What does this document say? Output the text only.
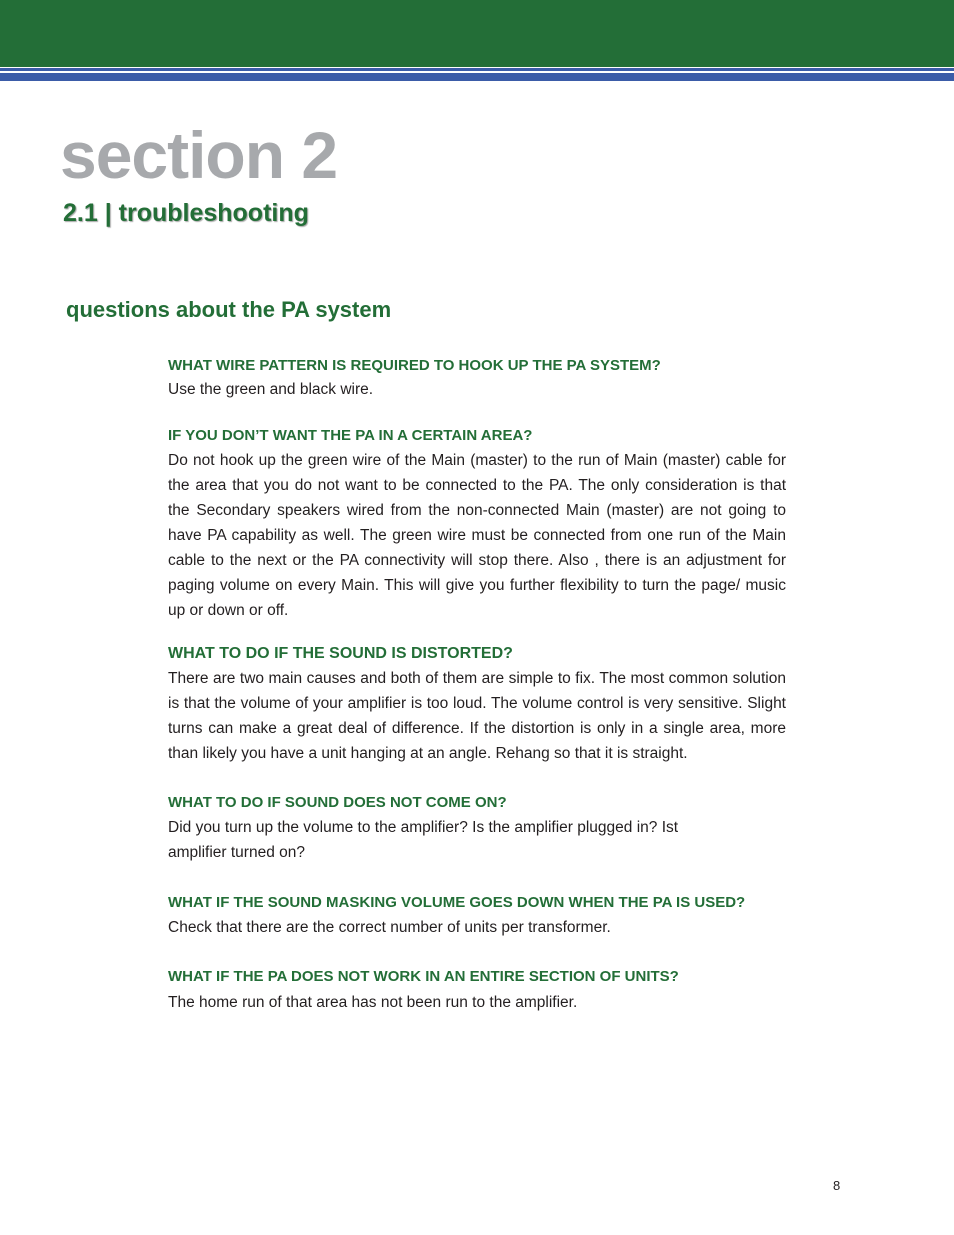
section 2
2.1 | troubleshooting
questions about the PA system

WHAT WIRE PATTERN IS REQUIRED TO HOOK UP THE PA SYSTEM?

Use the green and black wire.

IF YOU DON’T WANT THE PA IN A CERTAIN AREA?

Do not hook up the green wire of the Main (master) to the run of Main (master) cable for the area that you do not want to be connected to the PA. The only consideration is that the Secondary speakers wired from the non-connected Main (master) are not going to have PA capability as well. The green wire must be connected from one run of the Main cable to the next or the PA connectivity will stop there. Also , there is an adjustment for paging volume on every Main. This will give you further flexibility to turn the page/ music up or down or off.

WHAT TO DO IF THE SOUND IS DISTORTED?

There are two main causes and both of them are simple to fix. The most common solution is that the volume of your amplifier is too loud. The volume control is very sensitive. Slight turns can make a great deal of difference. If the distortion is only in a single area, more than likely you have a unit hanging at an angle. Rehang so that it is straight.

WHAT TO DO IF SOUND DOES NOT COME ON?

Did you turn up the volume to the amplifier? Is the amplifier plugged in? Ist
amplifier turned on?

WHAT IF THE SOUND MASKING VOLUME GOES DOWN WHEN THE PA IS USED?

Check that there are the correct number of units per transformer.

WHAT IF THE PA DOES NOT WORK IN AN ENTIRE SECTION OF UNITS?

The home run of that area has not been run to the amplifier.

8
